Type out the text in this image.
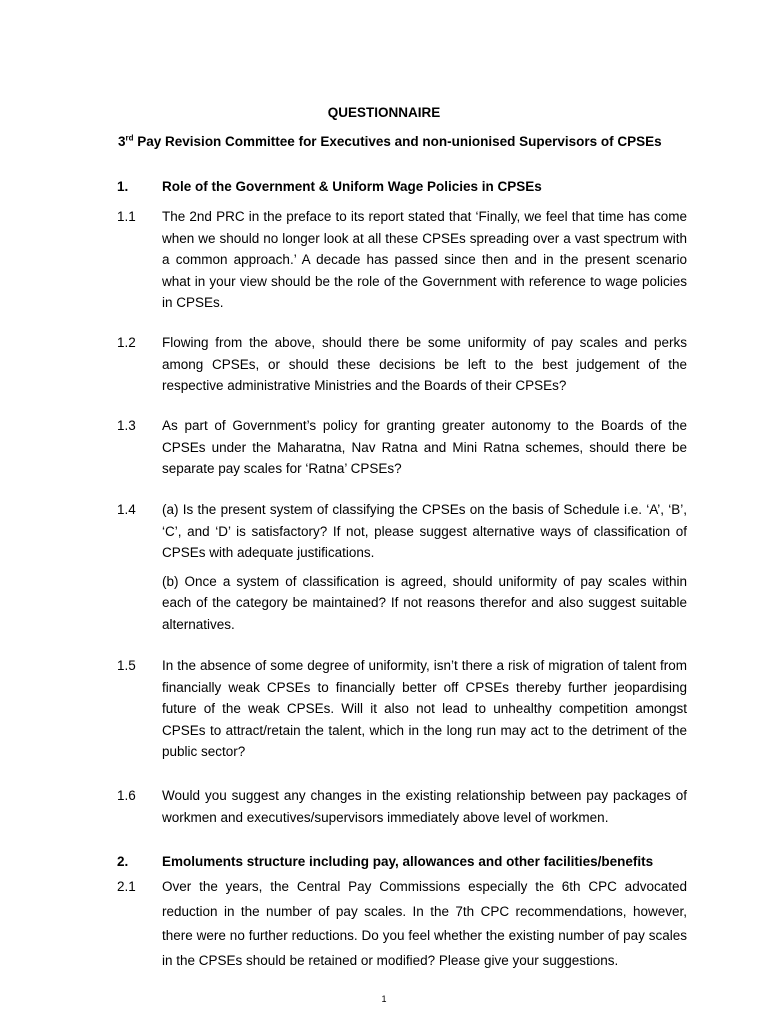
QUESTIONNAIRE
3rd Pay Revision Committee for Executives and non-unionised Supervisors of CPSEs
1. Role of the Government & Uniform Wage Policies in CPSEs
1.1	The 2nd PRC in the preface to its report stated that ‘Finally, we feel that time has come when we should no longer look at all these CPSEs spreading over a vast spectrum with a common approach.’ A decade has passed since then and in the present scenario what in your view should be the role of the Government with reference to wage policies in CPSEs.

1.2	Flowing from the above, should there be some uniformity of pay scales and perks among CPSEs, or should these decisions be left to the best judgement of the respective administrative Ministries and the Boards of their CPSEs?

1.3	As part of Government’s policy for granting greater autonomy to the Boards of the CPSEs under the Maharatna, Nav Ratna and Mini Ratna schemes, should there be separate pay scales for ‘Ratna’ CPSEs?

1.4	(a) Is the present system of classifying the CPSEs on the basis of Schedule i.e. ‘A’, ‘B’, ‘C’, and ‘D’ is satisfactory? If not, please suggest alternative ways of classification of CPSEs with adequate justifications.

(b) Once a system of classification is agreed, should uniformity of pay scales within each of the category be maintained? If not reasons therefor and also suggest suitable alternatives.

1.5	In the absence of some degree of uniformity, isn’t there a risk of migration of talent from financially weak CPSEs to financially better off CPSEs thereby further jeopardising future of the weak CPSEs. Will it also not lead to unhealthy competition amongst CPSEs to attract/retain the talent, which in the long run may act to the detriment of the public sector?

1.6	Would you suggest any changes in the existing relationship between pay packages of workmen and executives/supervisors immediately above level of workmen.

2. Emoluments structure including pay, allowances and other facilities/benefits
2.1	Over the years, the Central Pay Commissions especially the 6th CPC advocated reduction in the number of pay scales. In the 7th CPC recommendations, however, there were no further reductions. Do you feel whether the existing number of pay scales in the CPSEs should be retained or modified? Please give your suggestions.

1
